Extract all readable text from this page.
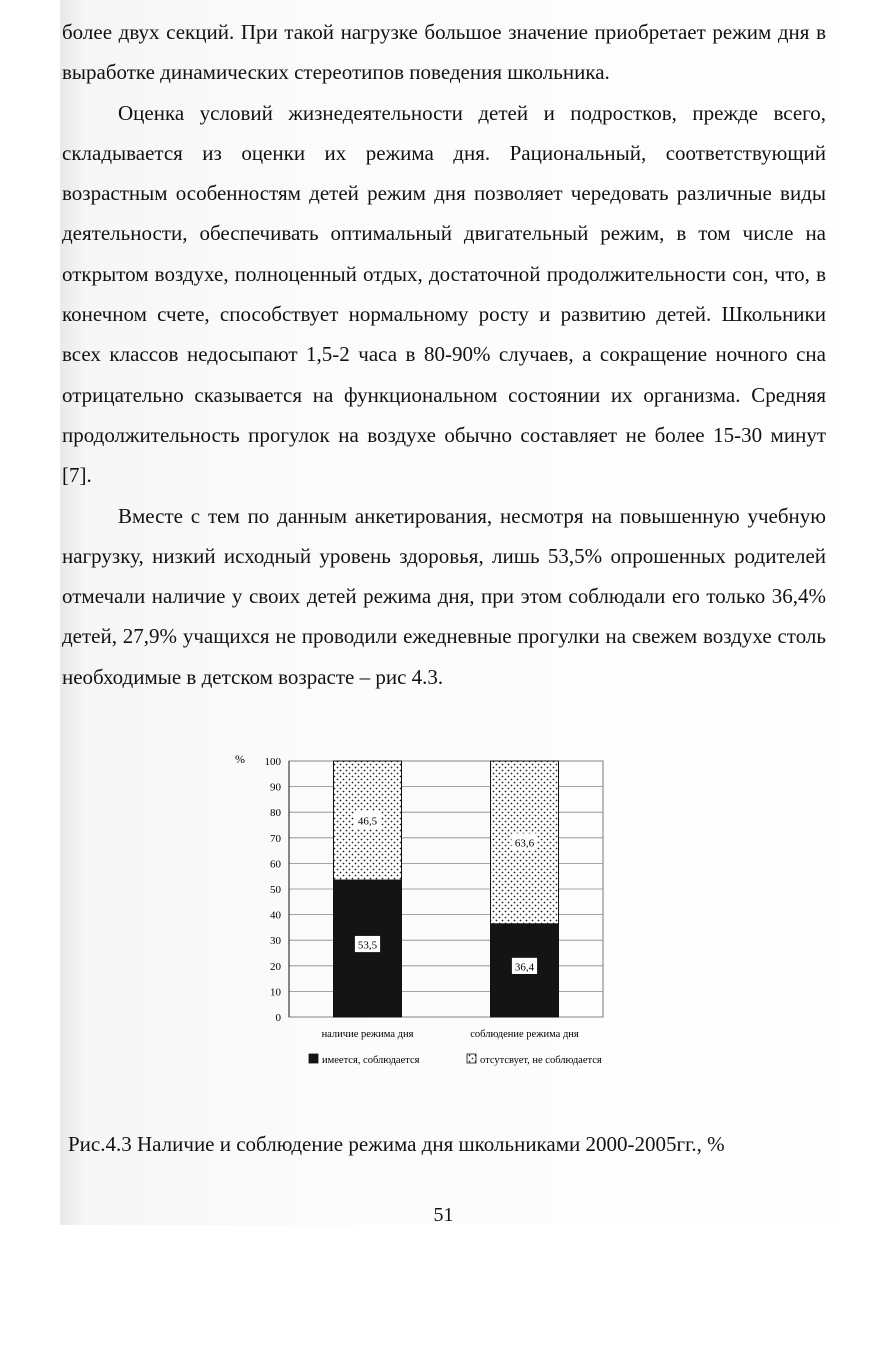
более двух секций. При такой нагрузке большое значение приобретает режим дня в выработке динамических стереотипов поведения школьника.

Оценка условий жизнедеятельности детей и подростков, прежде всего, складывается из оценки их режима дня. Рациональный, соответствующий возрастным особенностям детей режим дня позволяет чередовать различные виды деятельности, обеспечивать оптимальный двигательный режим, в том числе на открытом воздухе, полноценный отдых, достаточной продолжительности сон, что, в конечном счете, способствует нормальному росту и развитию детей. Школьники всех классов недосыпают 1,5-2 часа в 80-90% случаев, а сокращение ночного сна отрицательно сказывается на функциональном состоянии их организма. Средняя продолжительность прогулок на воздухе обычно составляет не более 15-30 минут [7].

Вместе с тем по данным анкетирования, несмотря на повышенную учебную нагрузку, низкий исходный уровень здоровья, лишь 53,5% опрошенных родителей отмечали наличие у своих детей режима дня, при этом соблюдали его только 36,4% детей, 27,9% учащихся не проводили ежедневные прогулки на свежем воздухе столь необходимые в детском возрасте – рис 4.3.

%
0
10
20
30
40
50
60
70
80
90
100
53,5
46,5
36,4
63,6
наличие режима дня	соблюдение режима дня
имеется, соблюдается	отсутсвует, не соблюдается
Рис.4.3 Наличие и соблюдение режима дня школьниками 2000-2005гг., %
51
